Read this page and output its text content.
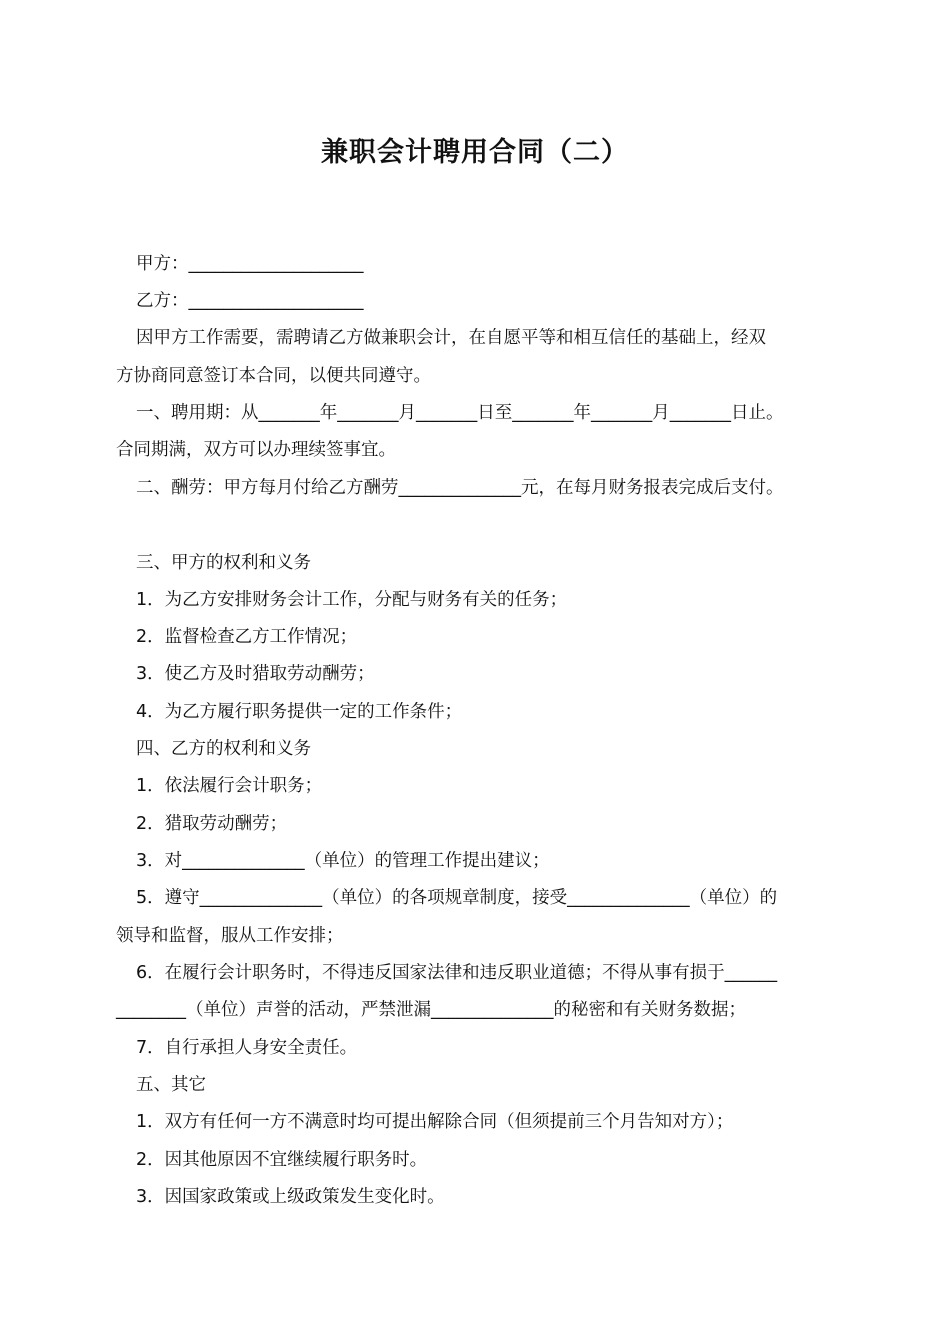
兼职会计聘用合同（二）
甲方：____________________
乙方：____________________
因甲方工作需要，需聘请乙方做兼职会计，在自愿平等和相互信任的基础上，经双
方协商同意签订本合同，以便共同遵守。
一、聘用期：从_______年_______月_______日至_______年_______月_______日止。
合同期满，双方可以办理续签事宜。
二、酬劳：甲方每月付给乙方酬劳______________元，在每月财务报表完成后支付。
三、甲方的权利和义务
1．为乙方安排财务会计工作，分配与财务有关的任务；
2．监督检查乙方工作情况；
3．使乙方及时猎取劳动酬劳；
4．为乙方履行职务提供一定的工作条件；
四、乙方的权利和义务
1．依法履行会计职务；
2．猎取劳动酬劳；
3．对______________（单位）的管理工作提出建议；
5．遵守______________（单位）的各项规章制度，接受______________（单位）的
领导和监督，服从工作安排；
6．在履行会计职务时，不得违反国家法律和违反职业道德；不得从事有损于______
________（单位）声誉的活动，严禁泄漏______________的秘密和有关财务数据；
7．自行承担人身安全责任。
五、其它
1．双方有任何一方不满意时均可提出解除合同（但须提前三个月告知对方）；
2．因其他原因不宜继续履行职务时。
3．因国家政策或上级政策发生变化时。
